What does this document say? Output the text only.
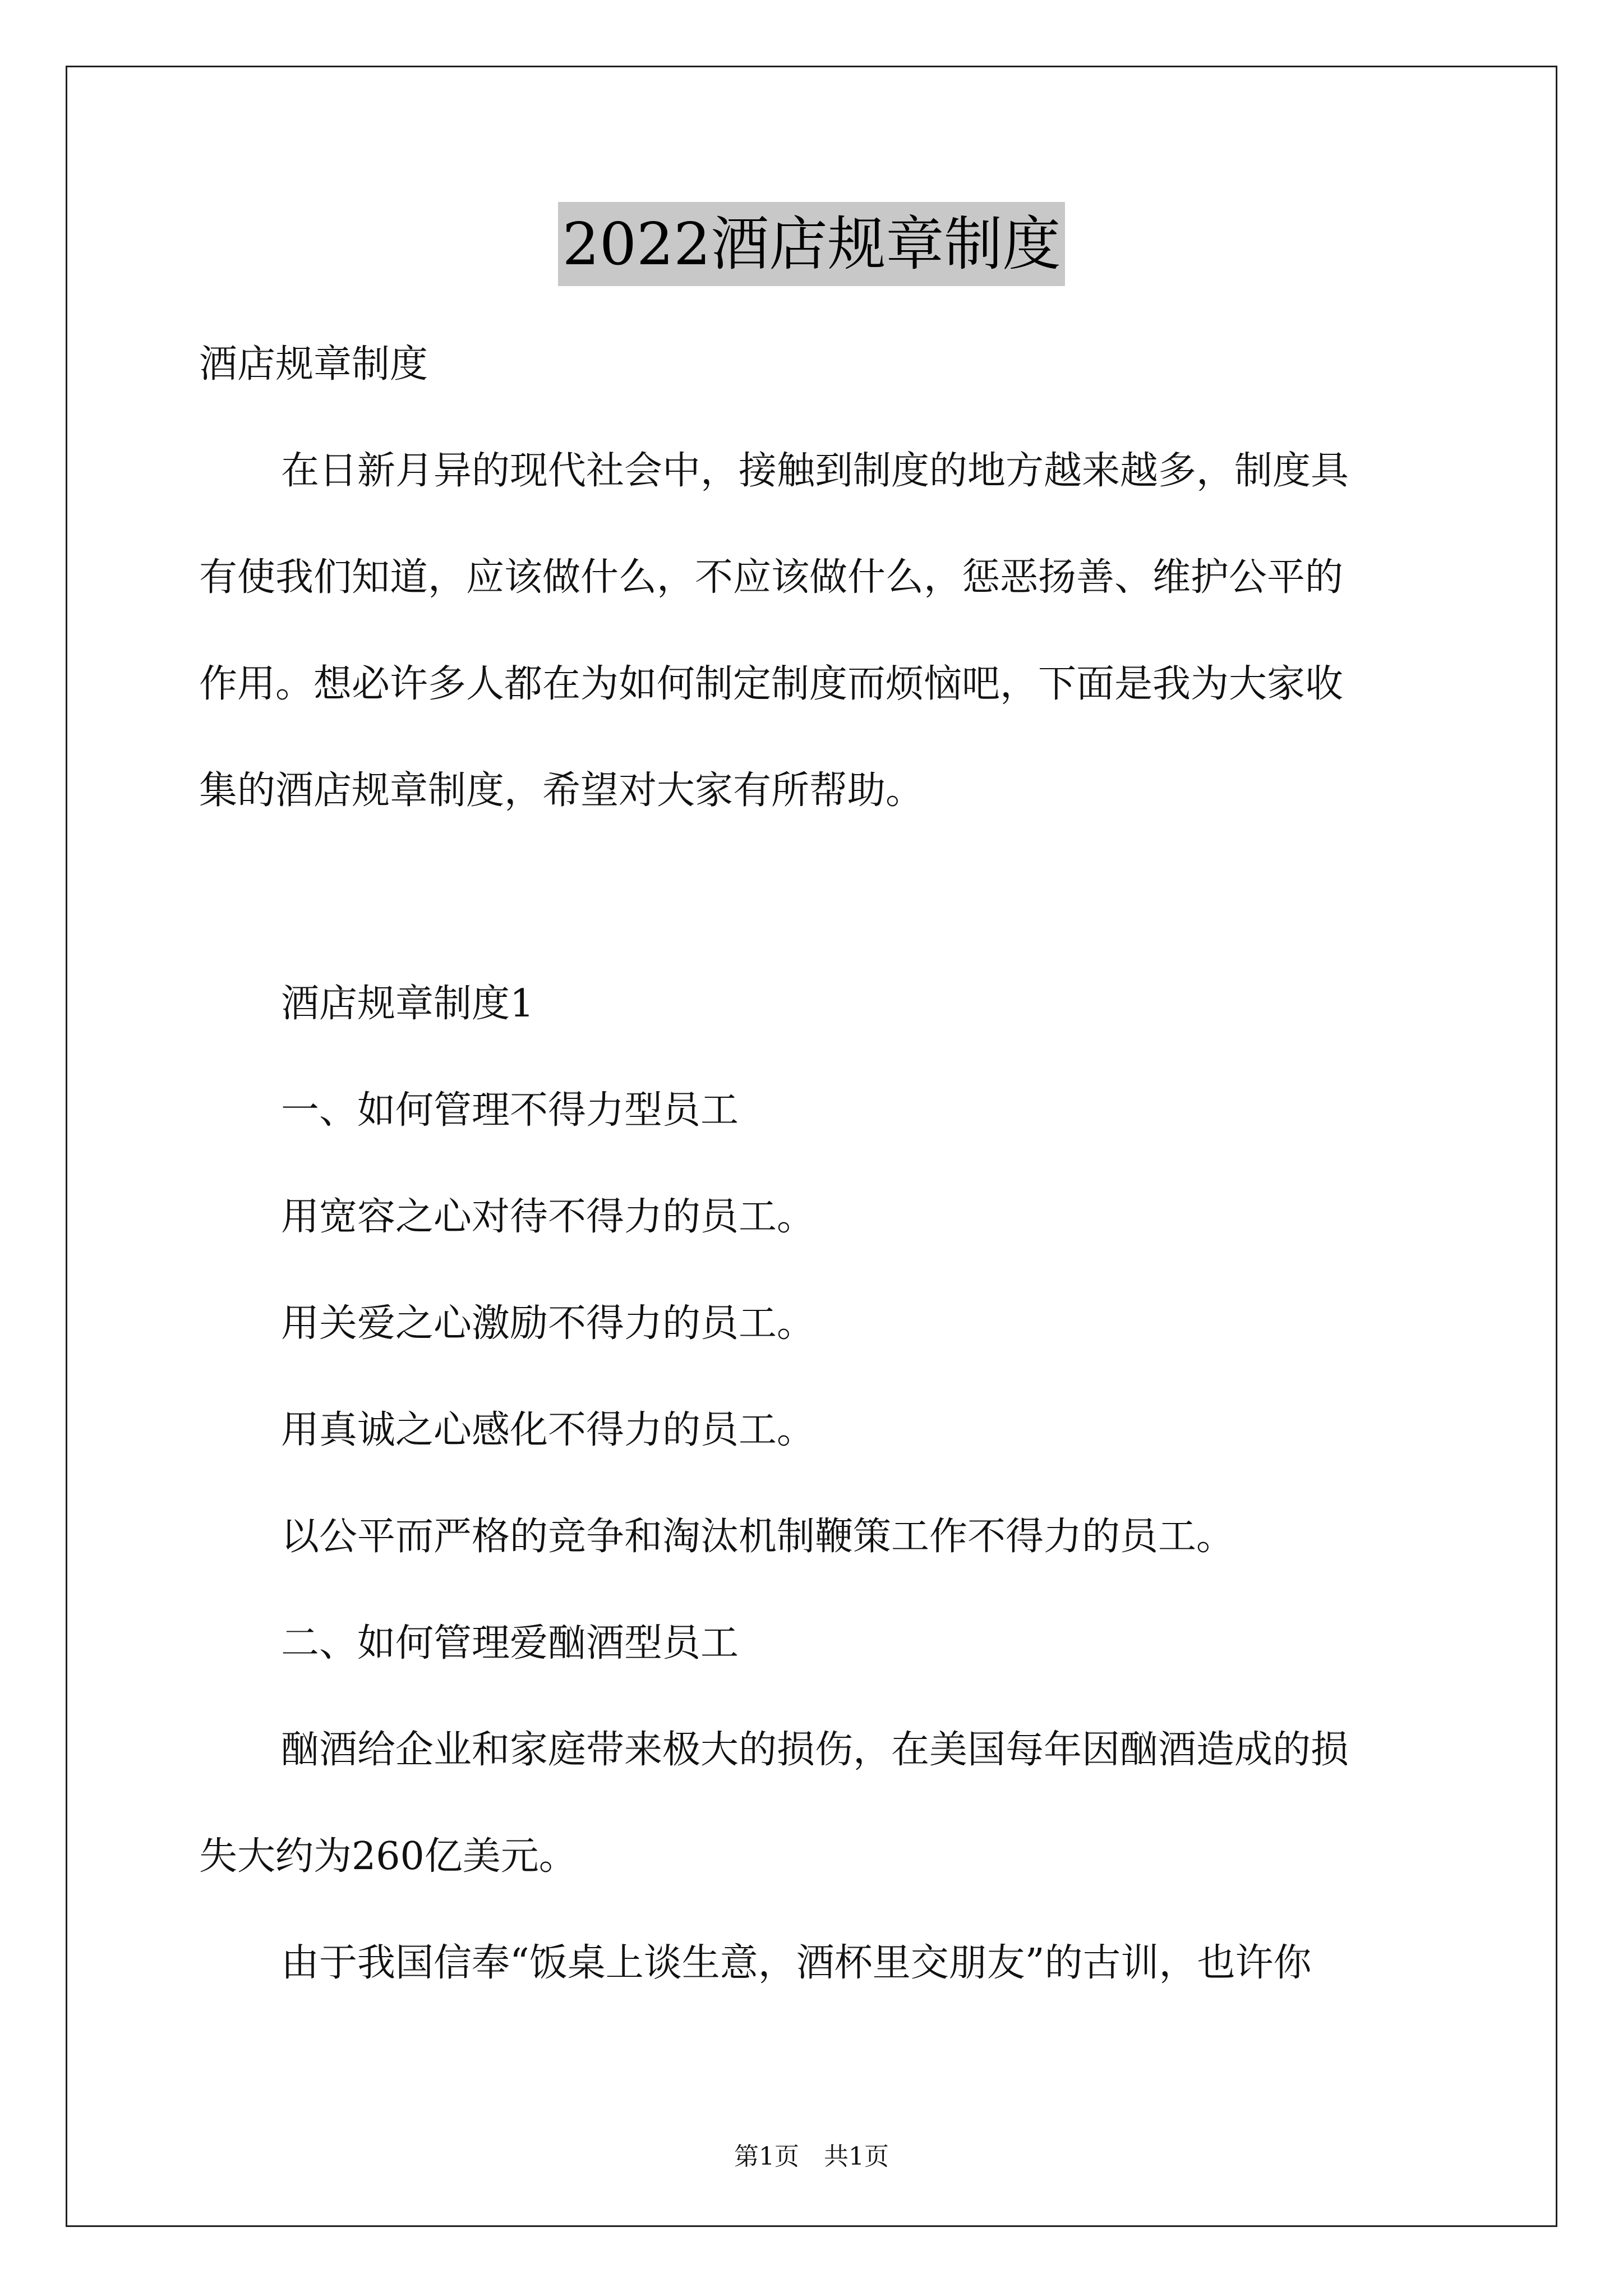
2022酒店规章制度

酒店规章制度

在日新月异的现代社会中，接触到制度的地方越来越多，制度具

有使我们知道，应该做什么，不应该做什么，惩恶扬善、维护公平的

作用。想必许多人都在为如何制定制度而烦恼吧，下面是我为大家收

集的酒店规章制度，希望对大家有所帮助。

酒店规章制度1

一、如何管理不得力型员工

用宽容之心对待不得力的员工。

用关爱之心激励不得力的员工。

用真诚之心感化不得力的员工。

以公平而严格的竞争和淘汰机制鞭策工作不得力的员工。

二、如何管理爱酗酒型员工

酗酒给企业和家庭带来极大的损伤，在美国每年因酗酒造成的损

失大约为260亿美元。

由于我国信奉“饭桌上谈生意，酒杯里交朋友”的古训，也许你

第1页　共1页
